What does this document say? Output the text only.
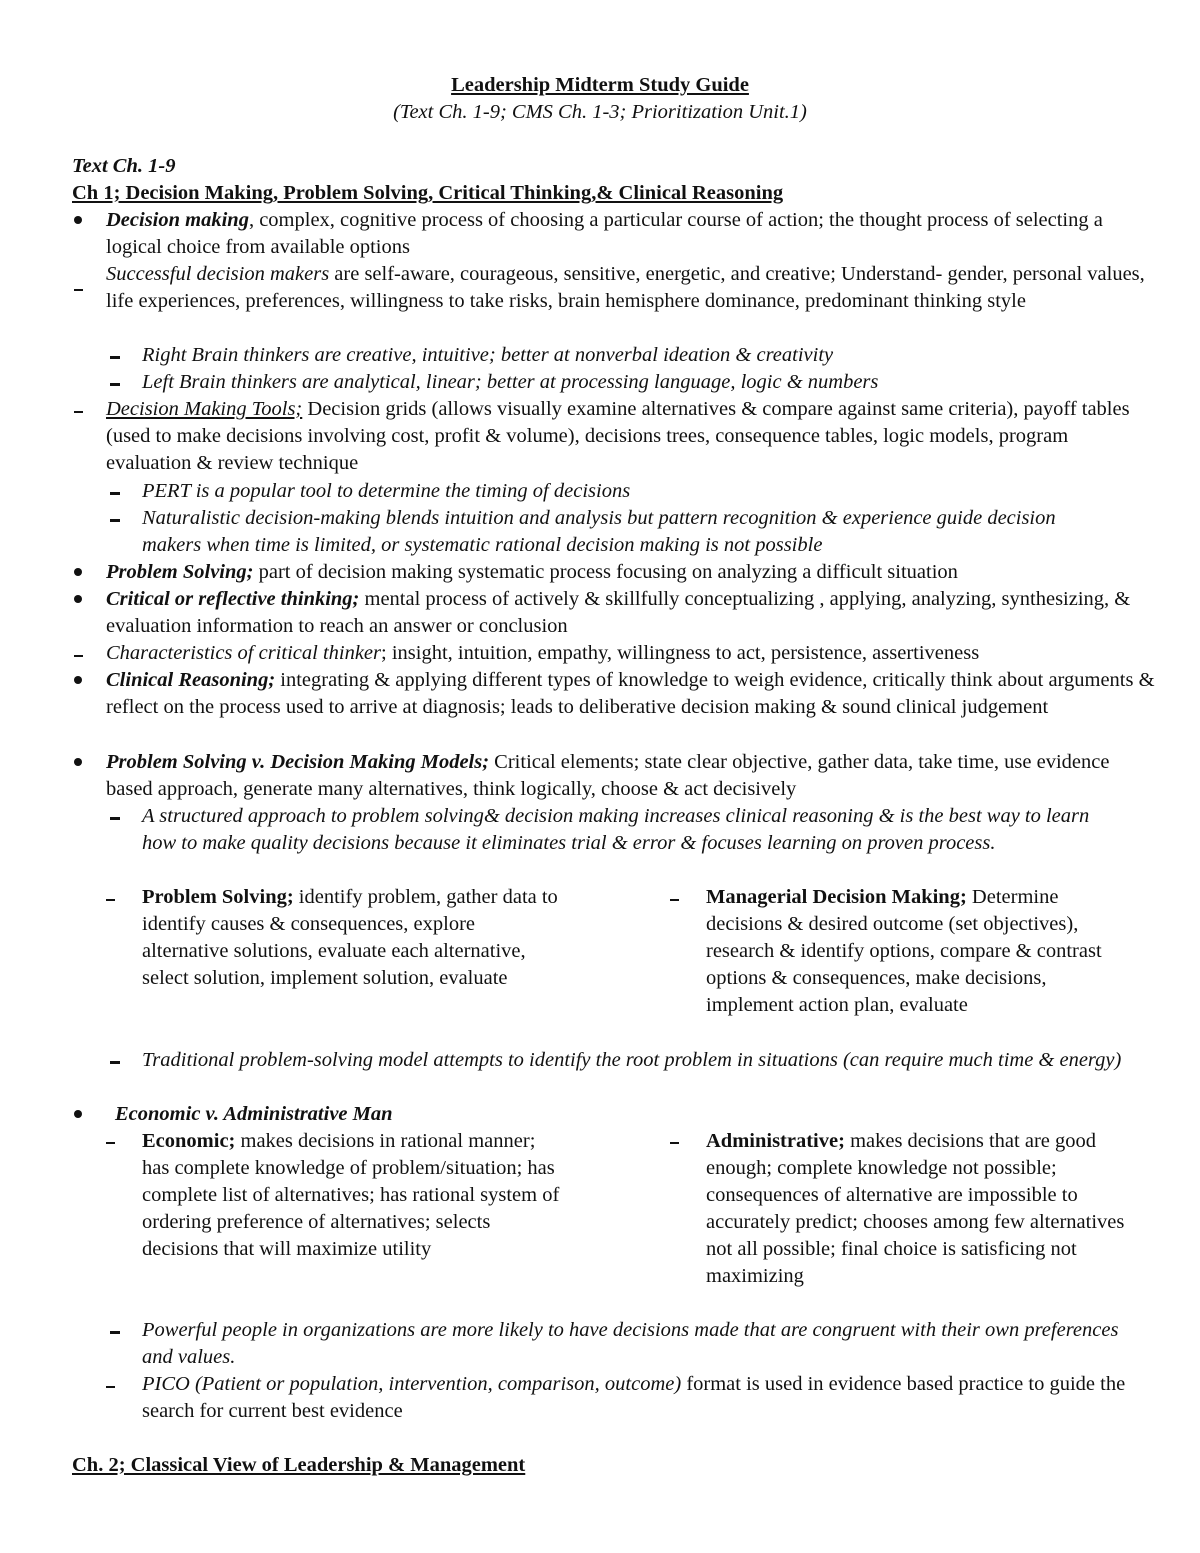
Leadership Midterm Study Guide
(Text Ch. 1-9; CMS Ch. 1-3; Prioritization Unit.1)
Text Ch. 1-9
Ch 1; Decision Making, Problem Solving, Critical Thinking,& Clinical Reasoning
Decision making, complex, cognitive process of choosing a particular course of action; the thought process of selecting a logical choice from available options
Successful decision makers are self-aware, courageous, sensitive, energetic, and creative; Understand- gender, personal values, life experiences, preferences, willingness to take risks, brain hemisphere dominance, predominant thinking style
Right Brain thinkers are creative, intuitive; better at nonverbal ideation & creativity
Left Brain thinkers are analytical, linear; better at processing language, logic & numbers
Decision Making Tools; Decision grids (allows visually examine alternatives & compare against same criteria), payoff tables (used to make decisions involving cost, profit & volume), decisions trees, consequence tables, logic models, program evaluation & review technique
PERT is a popular tool to determine the timing of decisions
Naturalistic decision-making blends intuition and analysis but pattern recognition & experience guide decision makers when time is limited, or systematic rational decision making is not possible
Problem Solving; part of decision making systematic process focusing on analyzing a difficult situation
Critical or reflective thinking; mental process of actively & skillfully conceptualizing , applying, analyzing, synthesizing, & evaluation information to reach an answer or conclusion
Characteristics of critical thinker; insight, intuition, empathy, willingness to act, persistence, assertiveness
Clinical Reasoning; integrating & applying different types of knowledge to weigh evidence, critically think about arguments & reflect on the process used to arrive at diagnosis; leads to deliberative decision making & sound clinical judgement
Problem Solving v. Decision Making Models; Critical elements; state clear objective, gather data, take time, use evidence based approach, generate many alternatives, think logically, choose & act decisively
A structured approach to problem solving& decision making increases clinical reasoning & is the best way to learn how to make quality decisions because it eliminates trial & error & focuses learning on proven process.
Problem Solving; identify problem, gather data to identify causes & consequences, explore alternative solutions, evaluate each alternative, select solution, implement solution, evaluate
Managerial Decision Making; Determine decisions & desired outcome (set objectives), research & identify options, compare & contrast options & consequences, make decisions, implement action plan, evaluate
Traditional problem-solving model attempts to identify the root problem in situations (can require much time & energy)
Economic v. Administrative Man
Economic; makes decisions in rational manner; has complete knowledge of problem/situation; has complete list of alternatives; has rational system of ordering preference of alternatives; selects decisions that will maximize utility
Administrative; makes decisions that are good enough; complete knowledge not possible; consequences of alternative are impossible to accurately predict; chooses among few alternatives not all possible; final choice is satisficing not maximizing
Powerful people in organizations are more likely to have decisions made that are congruent with their own preferences and values.
PICO (Patient or population, intervention, comparison, outcome) format is used in evidence based practice to guide the search for current best evidence
Ch. 2; Classical View of Leadership & Management
